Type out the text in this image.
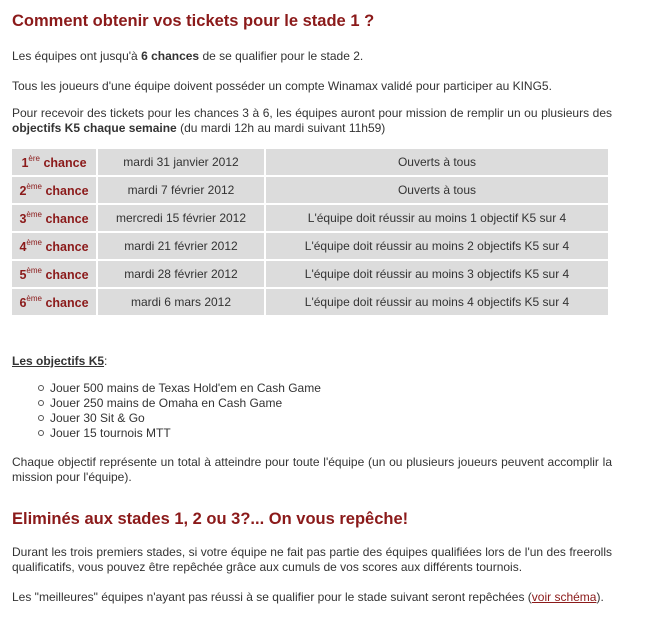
Comment obtenir vos tickets pour le stade 1 ?

Les équipes ont jusqu'à 6 chances de se qualifier pour le stade 2.

Tous les joueurs d'une équipe doivent posséder un compte Winamax validé pour participer au KING5.

Pour recevoir des tickets pour les chances 3 à 6, les équipes auront pour mission de remplir un ou plusieurs des objectifs K5 chaque semaine (du mardi 12h au mardi suivant 11h59)

1ère chance	mardi 31 janvier 2012	Ouverts à tous
2ème chance	mardi 7 février 2012	Ouverts à tous
3ème chance	mercredi 15 février 2012	L'équipe doit réussir au moins 1 objectif K5 sur 4
4ème chance	mardi 21 février 2012	L'équipe doit réussir au moins 2 objectifs K5 sur 4
5ème chance	mardi 28 février 2012	L'équipe doit réussir au moins 3 objectifs K5 sur 4
6ème chance	mardi 6 mars 2012	L'équipe doit réussir au moins 4 objectifs K5 sur 4
Les objectifs K5:
Jouer 500 mains de Texas Hold'em en Cash Game
Jouer 250 mains de Omaha en Cash Game
Jouer 30 Sit & Go
Jouer 15 tournois MTT

Chaque objectif représente un total à atteindre pour toute l'équipe (un ou plusieurs joueurs peuvent accomplir la mission pour l'équipe).

Eliminés aux stades 1, 2 ou 3?... On vous repêche!

Durant les trois premiers stades, si votre équipe ne fait pas partie des équipes qualifiées lors de l'un des freerolls qualificatifs, vous pouvez être repêchée grâce aux cumuls de vos scores aux différents tournois.

Les "meilleures" équipes n'ayant pas réussi à se qualifier pour le stade suivant seront repêchées (voir schéma).
